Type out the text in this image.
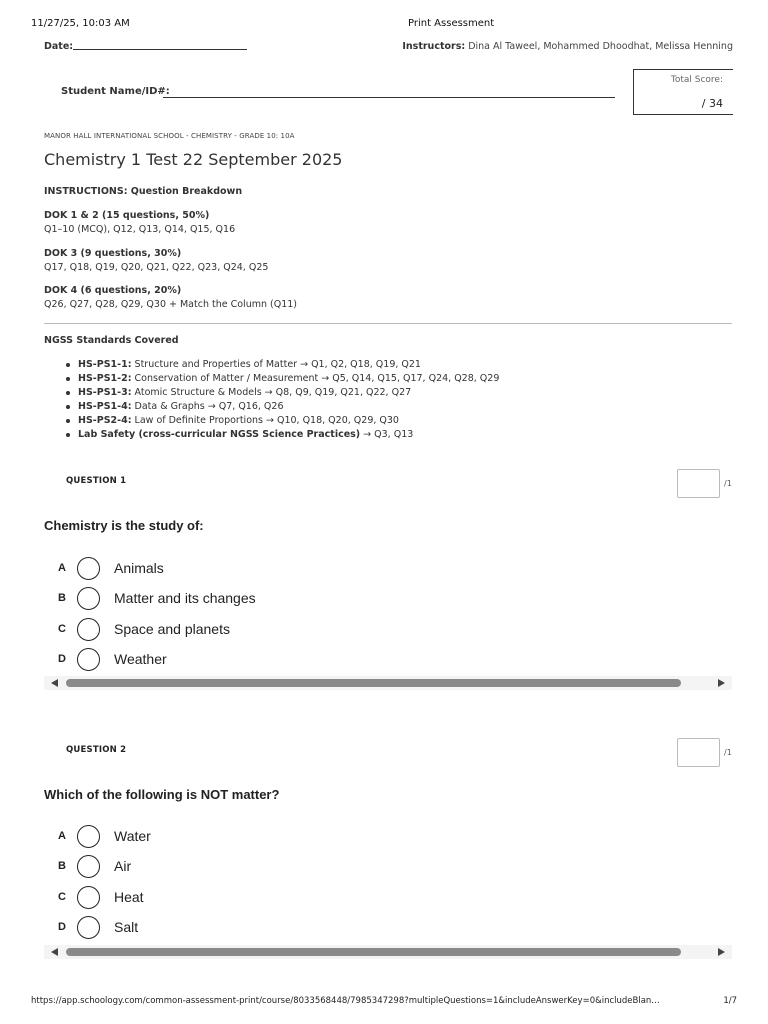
11/27/25, 10:03 AM	Print Assessment
Date:	Instructors: Dina Al Taweel, Mohammed Dhoodhat, Melissa Henning
Student Name/ID#:
Total Score:
/ 34
MANOR HALL INTERNATIONAL SCHOOL - CHEMISTRY - GRADE 10: 10A
Chemistry 1 Test 22 September 2025
INSTRUCTIONS: Question Breakdown
DOK 1 & 2 (15 questions, 50%)
Q1–10 (MCQ), Q12, Q13, Q14, Q15, Q16
DOK 3 (9 questions, 30%)
Q17, Q18, Q19, Q20, Q21, Q22, Q23, Q24, Q25
DOK 4 (6 questions, 20%)
Q26, Q27, Q28, Q29, Q30 + Match the Column (Q11)
NGSS Standards Covered
HS-PS1-1: Structure and Properties of Matter → Q1, Q2, Q18, Q19, Q21
HS-PS1-2: Conservation of Matter / Measurement → Q5, Q14, Q15, Q17, Q24, Q28, Q29
HS-PS1-3: Atomic Structure & Models → Q8, Q9, Q19, Q21, Q22, Q27
HS-PS1-4: Data & Graphs → Q7, Q16, Q26
HS-PS2-4: Law of Definite Proportions → Q10, Q18, Q20, Q29, Q30
Lab Safety (cross-curricular NGSS Science Practices) → Q3, Q13
QUESTION 1	/1
Chemistry is the study of:
A	Animals
B	Matter and its changes
C	Space and planets
D	Weather
QUESTION 2	/1
Which of the following is NOT matter?
A	Water
B	Air
C	Heat
D	Salt
https://app.schoology.com/common-assessment-print/course/8033568448/7985347298?multipleQuestions=1&includeAnswerKey=0&includeBlan…	1/7
